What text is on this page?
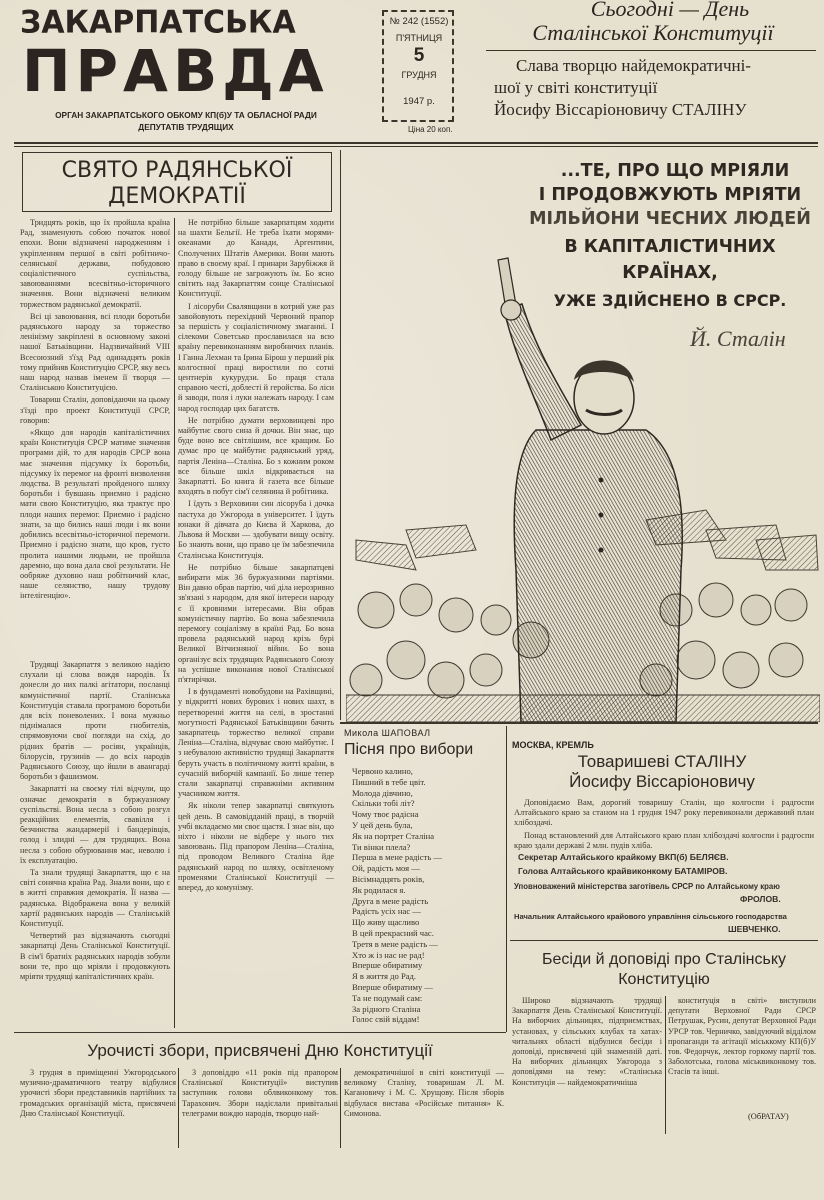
ЗАКАРПАТСЬКА
ПРАВДА
ОРГАН ЗАКАРПАТСЬКОГО ОБКОМУ КП(б)У ТА ОБЛАСНОЇ РАДИ
ДЕПУТАТІВ ТРУДЯЩИХ
№ 242 (1552)
П'ЯТНИЦЯ
5
ГРУДНЯ
1947 р.
Ціна 20 коп.
Сьогодні — День
Сталінської Конституції
Слава творцю найдемократичні-
шої у світі конституції
Йосифу Віссаріоновичу СТАЛІНУ
СВЯТО РАДЯНСЬКОЇ
ДЕМОКРАТІЇ

Тридцять років, що їх пройшла країна Рад, знаменують собою початок нової епохи. Вони відзначені народженням і укріпленням першої в світі робітничо-селянської держави, побудовою соціалістичного суспільства, завоюваннями всесвітньо-історичного значення. Вони відзначені великим торжеством радянської демократії.

Всі ці завоювання, всі плоди боротьби радянського народу за торжество ленінізму закріплені в основному законі нашої Батьківщини. Надзвичайний VIII Всесоюзний з'їзд Рад одинадцять років тому прийняв Конституцію СРСР, яку весь наш народ назвав іменем її творця — Сталінською Конституцією.

Товариш Сталін, доповідаючи на цьому з'їзді про проект Конституції СРСР, говорив:

«Якщо для народів капіталістичних країн Конституція СРСР матиме значення програми дій, то для народів СРСР вона має значення підсумку їх боротьби, підсумку їх перемог на фронті визволення людства. В результаті пройденого шляху боротьби і бувшань приємно і радісно мати свою Конституцію, яка трактує про плоди наших перемог. Приємно і радісно знати, за що бились наші люди і як вони добились всесвітньо-історичної перемоги. Приємно і радісно знати, що кров, густо пролита нашими людьми, не пройшла даремно, що вона дала свої результати. Не ообряже духовно наш робітничий клас, наше селянство, нашу трудову інтелігенцію».

Трудящі Закарпаття з великою надією слухали ці слова вождя народів. Їх донесли до них палкі агітатори, посланці комуністичної партії. Сталінська Конституція ставала програмою боротьби для всіх поневолених. І вона мужньо піднімалася проти гнобителів, спрямовуючи свої погляди на схід, до рідних братів — росіян, українців, білорусів, грузинів — до всіх народів Радянського Союзу, що йшли в авангарді боротьби з фашизмом.

Закарпатті на своєму тілі відчули, що означає демократія в буржуазному суспільстві. Вона несла з собою розгул реакційних елементів, свавілля і безчинства жандармерії і бандерівців, голод і злидні — для трудящих. Вона несла з собою обурювання мас, неволю і їх експлуатацію.

Та знали трудящі Закарпаття, що є на світі сонячна країна Рад. Знали вони, що є в житті справжня демократія. Її назва — радянська. Відображена вона у великій хартії радянських народів — Сталінській Конституції.

Четвертий раз відзначають сьогодні закарпатці День Сталінської Конституції. В сім'ї братніх радянських народів зобули вони те, про що мріяли і продовжують мріяти трудящі капіталістичних країн.

Не потрібно більше закарпатцям ходити на шахти Бельгії. Не треба їхати морями-океанами до Канади, Аргентини, Сполучених Штатів Америки. Вони мають право в своєму краї. І принари Зарубіжжя й голоду більше не загрожують їм. Бо ясно світить над Закарпаттям сонце Сталінської Конституції.

І лісоруби Свалявщини в котрий уже раз завойовують перехідний Червоний прапор за першість у соціалістичному змаганні. І сілекоми Советсько прославилася на всю країну перевиконанням виробничих планів. І Ганна Лехман та Ірина Бірош у перший рік колгоспної праці виростили по сотні центнерів кукурудзи. Бо праця стала справою честі, доблесті й геройства. Бо ліси й заводи, поля і луки належать народу. І сам народ господар цих багатств.

Не потрібно думати верховинцеві про майбутнє свого сина й дочки. Він знає, що буде воно все світлішим, все кращим. Бо думає про це майбутнє радянський уряд, партія Леніна—Сталіна. Бо з кожним роком все більше шкіл відкривається на Закарпатті. Бо книга й газета все більше входять в побут сім'ї селянина й робітника.

І їдуть з Верховини син лісоруба і дочка пастуха до Ужгорода в університет. І їдуть юнаки й дівчата до Києва й Харкова, до Львова й Москви — здобувати вищу освіту. Бо знають вони, що право це їм забезпечила Сталінська Конституція.

Не потрібно більше закарпатцеві вибирати між 36 буржуазними партіями. Він давно обрав партію, чиї діла нерозривно зв'язані з народом, для якої інтереси народу є її кровними інтересами. Він обрав комуністичну партію. Бо вона забезпечила перемогу соціалізму в країні Рад. Бо вона провела радянський народ крізь бурі Великої Вітчизняної війни. Бо вона організує всіх трудящих Радянського Союзу на успішне виконання нової Сталінської п'ятирічки.

І в фундаменті новобудови на Рахівщині, у відкритті нових бурових і нових шахт, в перетворенні життя на селі, в зростанні могутності Радянської Батьківщини бачить закарпатець торжество великої справи Леніна—Сталіна, відчуває свою майбутнє. І з небувалою активністю трудящі Закарпаття беруть участь в політичному житті країни, в сучасній виборчій кампанії. Бо лише тепер стали закарпатці справжніми активним учасником життя.

Як ніколи тепер закарпатці святкують цей день. В самовідданій праці, в творчій учбі вкладаємо ми своє щастя. І знає він, що ніхто і ніколи не відбере у нього тих завоювань. Під прапором Леніна—Сталіна, під проводом Великого Сталіна йде радянський народ по шляху, освітленому променями Сталінської Конституції — вперед, до комунізму.

...ТЕ, ПРО ЩО МРІЯЛИ
І ПРОДОВЖУЮТЬ МРІЯТИ
МІЛЬЙОНИ ЧЕСНИХ ЛЮДЕЙ
В КАПІТАЛІСТИЧНИХ
КРАЇНАХ,
УЖЕ ЗДІЙСНЕНО В СРСР.
Й. Сталін
Микола ШАПОВАЛ
Пісня про вибори
Червоно калино,
Пишний в тебе цвіт.
Молода дівчино,
Скільки тобі літ?
Чому твоє радісна
У цей день була,
Як на портрет Сталіна
Ти вінки плела?
Перша в мене радість —
Ой, радість моя —
Вісімнадцять років,
Як родилася я.
Друга в мене радість
Радість усіх нас —
Що живу щасливо
В цей прекрасний час.
Третя в мене радість —
Хто ж із нас не рад!
Вперше обиратиму
Я в життя до Рад.
Вперше обиратиму —
Та не подумай сам:
За рідного Сталіна
Голос свій віддам!
МОСКВА, КРЕМЛЬ
Товаришеві СТАЛІНУ
Йосифу Віссаріоновичу

Доповідаємо Вам, дорогий товаришу Сталін, що колгоспи і радгоспи Алтайського краю за станом на 1 грудня 1947 року перевиконали державний план хлібоздачі.

Понад встановлений для Алтайського краю план хлібоздачі колгоспи і радгоспи краю здали державі 2 млн. пудів хліба.

Секретар Алтайського крайкому ВКП(б) БЕЛЯЄВ.
Голова Алтайського крайвиконкому БАТАМІРОВ.
Уповноважений міністерства заготівель СРСР по Алтайському краю
ФРОЛОВ.
Начальник Алтайського крайового управління сільського господарства
ШЕВЧЕНКО.
Бесіди й доповіді про Сталінську
Конституцію

Широко відзначають трудящі Закарпаття День Сталінської Конституції. На виборчих дільницях, підприємствах, установах, у сільських клубах та хатах-читальнях області відбулися бесіди і доповіді, присвячені цій знаменній даті. На виборчих дільницях Ужгорода з доповідями на тему: «Сталінська Конституція — найдемократичніша

конституція в світі» виступили депутати Верховної Ради СРСР Петрушак, Русин, депутат Верховної Ради УРСР тов. Черничко, завідуючий відділом пропаганди та агітації міськкому КП(б)У тов. Федорчук, лектор горкому партії тов. Заболотська, голова міськвиконкому тов. Стасів та інші.

(ОбРАТАУ)
Урочисті збори, присвячені Дню Конституції

3 грудня в приміщенні Ужгородського музично-драматичного театру відбулися урочисті збори представників партійних та громадських організацій міста, присвячені Дню Сталінської Конституції.

З доповіддю «11 років під прапором Сталінської Конституції» виступив заступник голови облвиконкому тов. Тарахонич. Збори надіслали привітальні телеграми вождю народів, творцю най-

демократичнішої в світі конституції — великому Сталіну, товаришам Л. М. Кагановичу і М. С. Хрущову. Після зборів відбулася вистава «Російське питання» К. Симонова.
